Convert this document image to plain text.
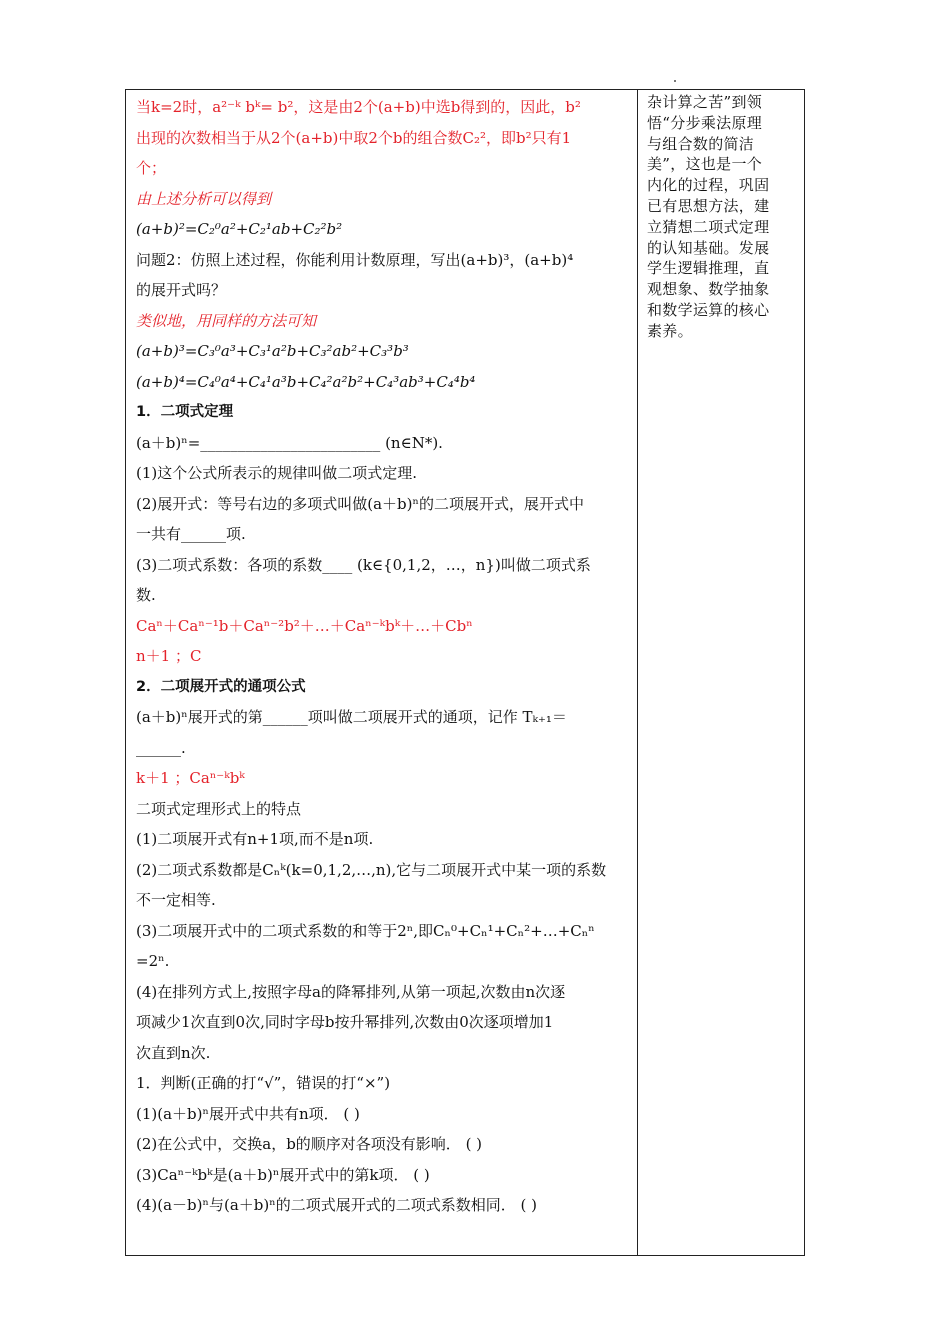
当k=2时，a²⁻ᵏ bᵏ= b²，这是由2个(a+b)中选b得到的，因此，b²
出现的次数相当于从2个(a+b)中取2个b的组合数C₂²，即b²只有1
个；
由上述分析可以得到
(a+b)²=C₂⁰a²+C₂¹ab+C₂²b²
问题2：仿照上述过程，你能利用计数原理，写出(a+b)³，(a+b)⁴
的展开式吗？
类似地，用同样的方法可知
(a+b)³=C₃⁰a³+C₃¹a²b+C₃²ab²+C₃³b³
(a+b)⁴=C₄⁰a⁴+C₄¹a³b+C₄²a²b²+C₄³ab³+C₄⁴b⁴
1．二项式定理
(a＋b)ⁿ=________________________ (n∈N*).
(1)这个公式所表示的规律叫做二项式定理.
(2)展开式：等号右边的多项式叫做(a＋b)ⁿ的二项展开式，展开式中
一共有______项.
(3)二项式系数：各项的系数____ (k∈{0,1,2，…，n})叫做二项式系
数.
Caⁿ＋Caⁿ⁻¹b＋Caⁿ⁻²b²＋…＋Caⁿ⁻ᵏbᵏ＋…＋Cbⁿ
n＋1 ；C
2．二项展开式的通项公式
(a＋b)ⁿ展开式的第______项叫做二项展开式的通项，记作 Tₖ₊₁＝
______.
k＋1 ；Caⁿ⁻ᵏbᵏ
二项式定理形式上的特点
(1)二项展开式有n+1项,而不是n项.
(2)二项式系数都是Cₙᵏ(k=0,1,2,…,n),它与二项展开式中某一项的系数
不一定相等.
(3)二项展开式中的二项式系数的和等于2ⁿ,即Cₙ⁰+Cₙ¹+Cₙ²+…+Cₙⁿ
=2ⁿ.
(4)在排列方式上,按照字母a的降幂排列,从第一项起,次数由n次逐
项减少1次直到0次,同时字母b按升幂排列,次数由0次逐项增加1
次直到n次.
1．判断(正确的打“√”，错误的打“×”)
(1)(a＋b)ⁿ展开式中共有n项． ( )
(2)在公式中，交换a，b的顺序对各项没有影响． ( )
(3)Caⁿ⁻ᵏbᵏ是(a＋b)ⁿ展开式中的第k项． ( )
(4)(a－b)ⁿ与(a＋b)ⁿ的二项式展开式的二项式系数相同． ( )
杂计算之苦”到领
悟“分步乘法原理
与组合数的简洁
美”，这也是一个
内化的过程，巩固
已有思想方法，建
立猜想二项式定理
的认知基础。发展
学生逻辑推理，直
观想象、数学抽象
和数学运算的核心
素养。
